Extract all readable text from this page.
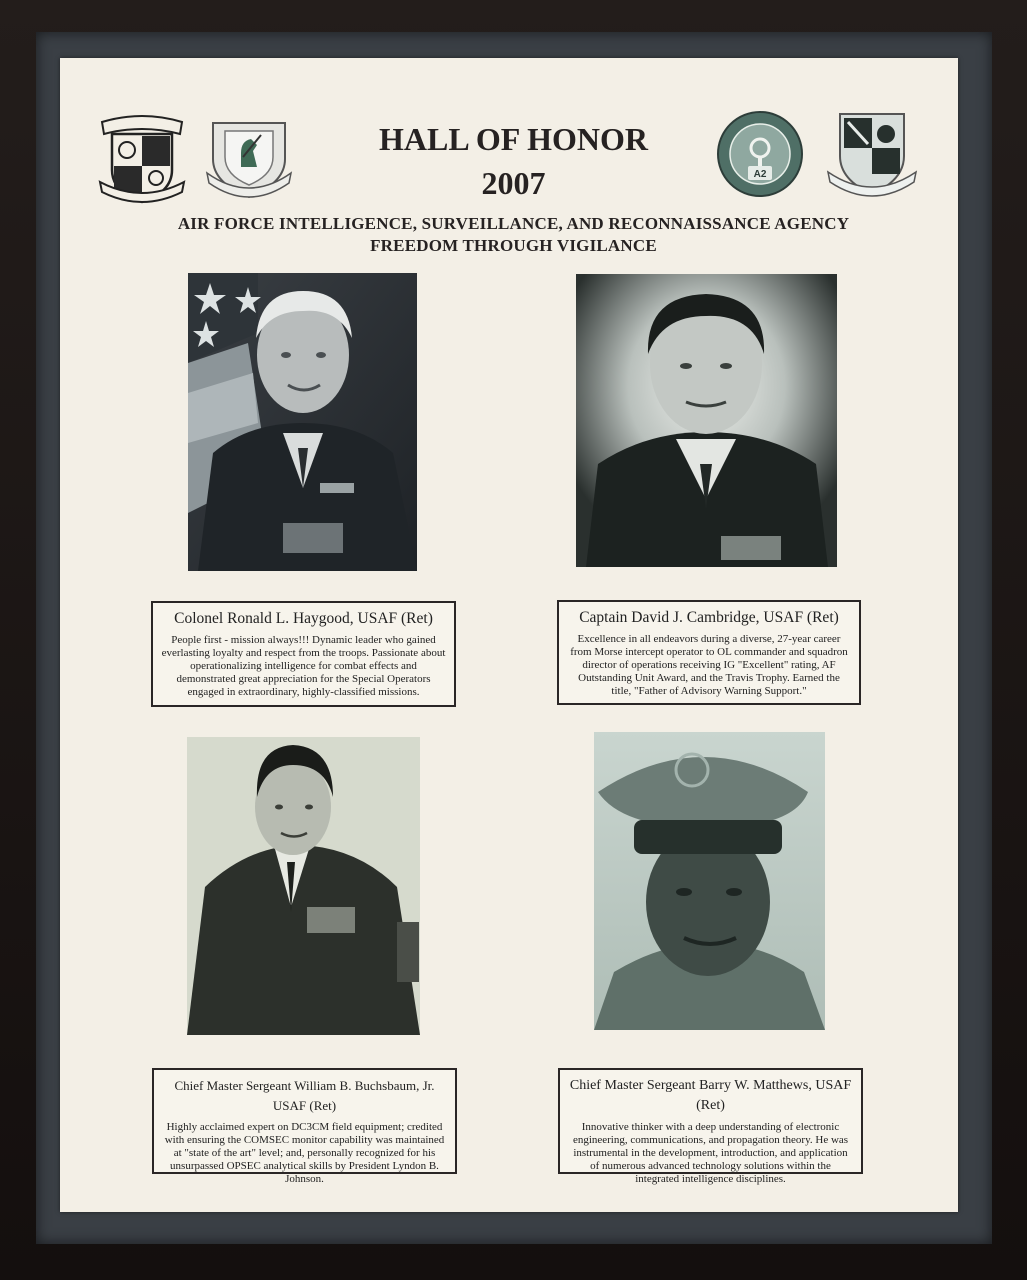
A2
HALL OF HONOR
2007
AIR FORCE INTELLIGENCE, SURVEILLANCE, AND RECONNAISSANCE AGENCY
FREEDOM THROUGH VIGILANCE
Colonel Ronald L. Haygood, USAF (Ret)
People first - mission always!!! Dynamic leader who gained everlasting loyalty and respect from the troops. Passionate about operationalizing intelligence for combat effects and demonstrated great appreciation for the Special Operators engaged in extraordinary, highly-classified missions.
Captain David J. Cambridge, USAF (Ret)
Excellence in all endeavors during a diverse, 27-year career from Morse intercept operator to OL commander and squadron director of operations receiving IG "Excellent" rating, AF Outstanding Unit Award, and the Travis Trophy. Earned the title, "Father of Advisory Warning Support."
Chief Master Sergeant William B. Buchsbaum, Jr. USAF (Ret)
Highly acclaimed expert on DC3CM field equipment; credited with ensuring the COMSEC monitor capability was maintained at "state of the art" level; and, personally recognized for his unsurpassed OPSEC analytical skills by President Lyndon B. Johnson.
Chief Master Sergeant Barry W. Matthews, USAF (Ret)
Innovative thinker with a deep understanding of electronic engineering, communications, and propagation theory. He was instrumental in the development, introduction, and application of numerous advanced technology solutions within the integrated intelligence disciplines.
